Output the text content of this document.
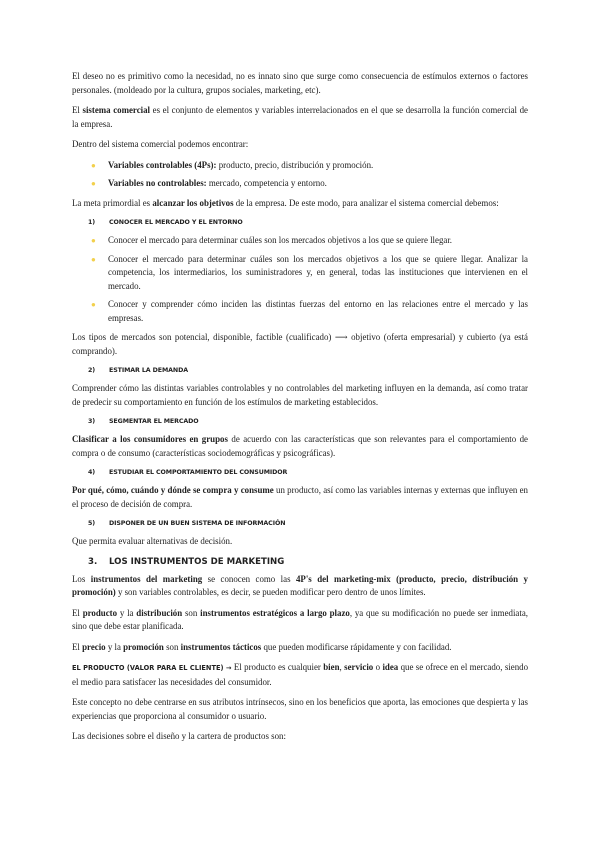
El deseo no es primitivo como la necesidad, no es innato sino que surge como consecuencia de estímulos externos o factores personales. (moldeado por la cultura, grupos sociales, marketing, etc).

El sistema comercial es el conjunto de elementos y variables interrelacionados en el que se desarrolla la función comercial de la empresa.

Dentro del sistema comercial podemos encontrar:

● Variables controlables (4Ps): producto, precio, distribución y promoción.
● Variables no controlables: mercado, competencia y entorno.

La meta primordial es alcanzar los objetivos de la empresa. De este modo, para analizar el sistema comercial debemos:

1)	CONOCER EL MERCADO Y EL ENTORNO
● Conocer el mercado para determinar cuáles son los mercados objetivos a los que se quiere llegar.
● Conocer el mercado para determinar cuáles son los mercados objetivos a los que se quiere llegar. Analizar la competencia, los intermediarios, los suministradores y, en general, todas las instituciones que intervienen en el mercado.
● Conocer y comprender cómo inciden las distintas fuerzas del entorno en las relaciones entre el mercado y las empresas.

Los tipos de mercados son potencial, disponible, factible (cualificado) ⟶ objetivo (oferta empresarial) y cubierto (ya está comprando).

2)	ESTIMAR LA DEMANDA

Comprender cómo las distintas variables controlables y no controlables del marketing influyen en la demanda, así como tratar de predecir su comportamiento en función de los estímulos de marketing establecidos.

3)	SEGMENTAR EL MERCADO

Clasificar a los consumidores en grupos de acuerdo con las características que son relevantes para el comportamiento de compra o de consumo (características sociodemográficas y psicográficas).

4)	ESTUDIAR EL COMPORTAMIENTO DEL CONSUMIDOR

Por qué, cómo, cuándo y dónde se compra y consume un producto, así como las variables internas y externas que influyen en el proceso de decisión de compra.

5)	DISPONER DE UN BUEN SISTEMA DE INFORMACIÓN

Que permita evaluar alternativas de decisión.

3.	LOS INSTRUMENTOS DE MARKETING

Los instrumentos del marketing se conocen como las 4P's del marketing-mix (producto, precio, distribución y promoción) y son variables controlables, es decir, se pueden modificar pero dentro de unos límites.

El producto y la distribución son instrumentos estratégicos a largo plazo, ya que su modificación no puede ser inmediata, sino que debe estar planificada.

El precio y la promoción son instrumentos tácticos que pueden modificarse rápidamente y con facilidad.

EL PRODUCTO (VALOR PARA EL CLIENTE) → El producto es cualquier bien, servicio o idea que se ofrece en el mercado, siendo el medio para satisfacer las necesidades del consumidor.

Este concepto no debe centrarse en sus atributos intrínsecos, sino en los beneficios que aporta, las emociones que despierta y las experiencias que proporciona al consumidor o usuario.

Las decisiones sobre el diseño y la cartera de productos son:
